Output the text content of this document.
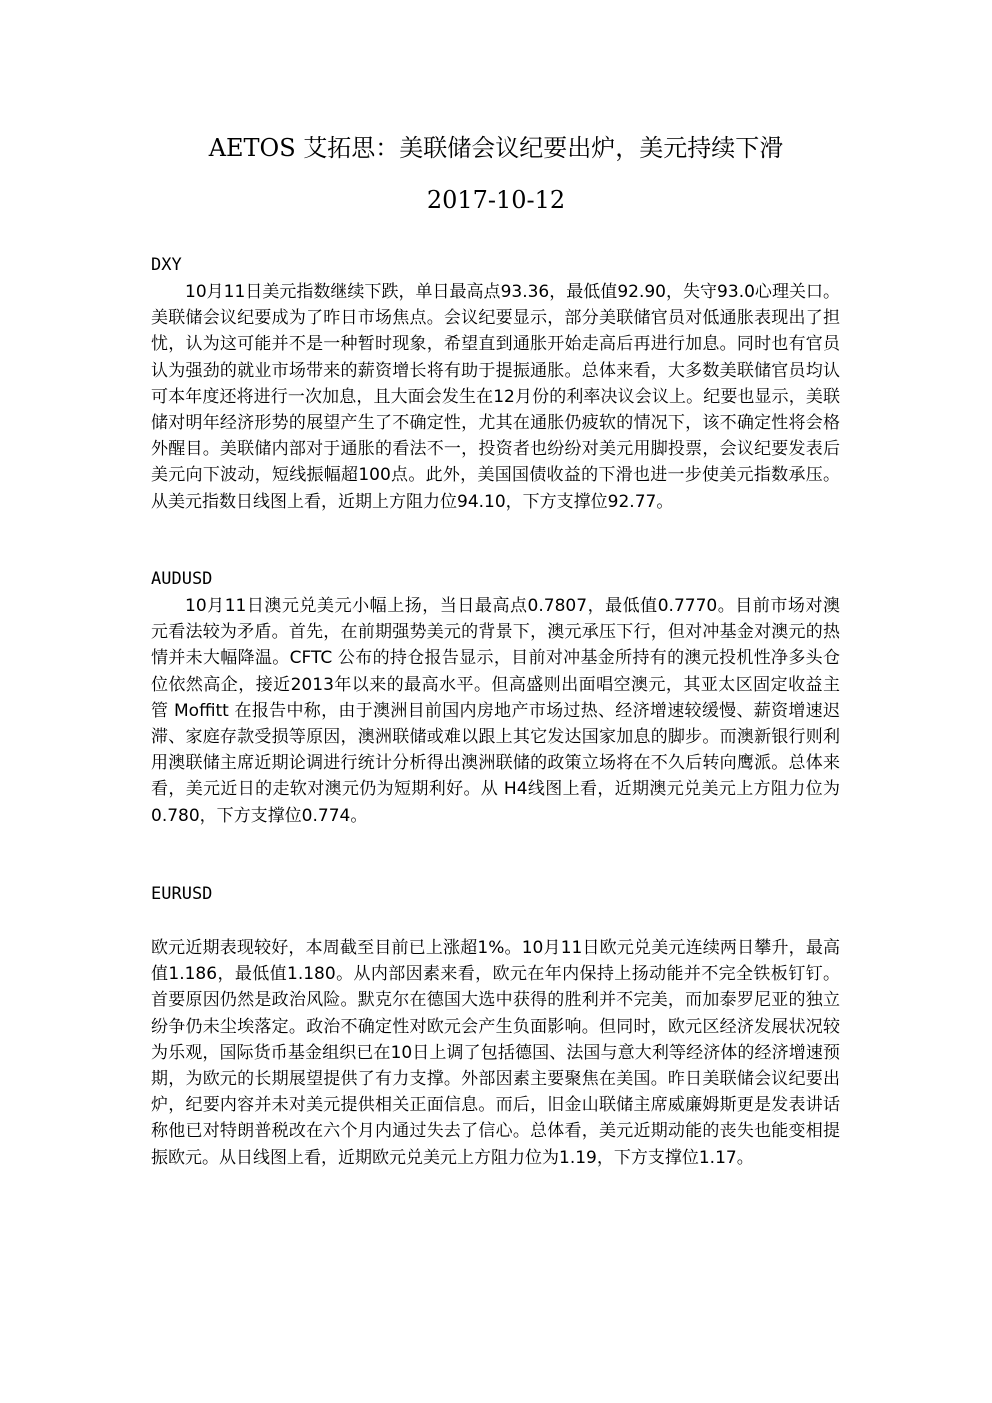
AETOS 艾拓思：美联储会议纪要出炉，美元持续下滑
2017-10-12
DXY

10月11日美元指数继续下跌，单日最高点93.36，最低值92.90，失守93.0心理关口。美联储会议纪要成为了昨日市场焦点。会议纪要显示，部分美联储官员对低通胀表现出了担忧，认为这可能并不是一种暂时现象，希望直到通胀开始走高后再进行加息。同时也有官员认为强劲的就业市场带来的薪资增长将有助于提振通胀。总体来看，大多数美联储官员均认可本年度还将进行一次加息，且大面会发生在12月份的利率决议会议上。纪要也显示，美联储对明年经济形势的展望产生了不确定性，尤其在通胀仍疲软的情况下，该不确定性将会格外醒目。美联储内部对于通胀的看法不一，投资者也纷纷对美元用脚投票，会议纪要发表后美元向下波动，短线振幅超100点。此外，美国国债收益的下滑也进一步使美元指数承压。从美元指数日线图上看，近期上方阻力位94.10，下方支撑位92.77。

AUDUSD

10月11日澳元兑美元小幅上扬，当日最高点0.7807，最低值0.7770。目前市场对澳元看法较为矛盾。首先，在前期强势美元的背景下，澳元承压下行，但对冲基金对澳元的热情并未大幅降温。CFTC 公布的持仓报告显示，目前对冲基金所持有的澳元投机性净多头仓位依然高企，接近2013年以来的最高水平。但高盛则出面唱空澳元，其亚太区固定收益主管 Moffitt 在报告中称，由于澳洲目前国内房地产市场过热、经济增速较缓慢、薪资增速迟滞、家庭存款受损等原因，澳洲联储或难以跟上其它发达国家加息的脚步。而澳新银行则利用澳联储主席近期论调进行统计分析得出澳洲联储的政策立场将在不久后转向鹰派。总体来看，美元近日的走软对澳元仍为短期利好。从 H4线图上看，近期澳元兑美元上方阻力位为0.780，下方支撑位0.774。

EURUSD

欧元近期表现较好，本周截至目前已上涨超1%。10月11日欧元兑美元连续两日攀升，最高值1.186，最低值1.180。从内部因素来看，欧元在年内保持上扬动能并不完全铁板钉钉。首要原因仍然是政治风险。默克尔在德国大选中获得的胜利并不完美，而加泰罗尼亚的独立纷争仍未尘埃落定。政治不确定性对欧元会产生负面影响。但同时，欧元区经济发展状况较为乐观，国际货币基金组织已在10日上调了包括德国、法国与意大利等经济体的经济增速预期，为欧元的长期展望提供了有力支撑。外部因素主要聚焦在美国。昨日美联储会议纪要出炉，纪要内容并未对美元提供相关正面信息。而后，旧金山联储主席威廉姆斯更是发表讲话称他已对特朗普税改在六个月内通过失去了信心。总体看，美元近期动能的丧失也能变相提振欧元。从日线图上看，近期欧元兑美元上方阻力位为1.19，下方支撑位1.17。
